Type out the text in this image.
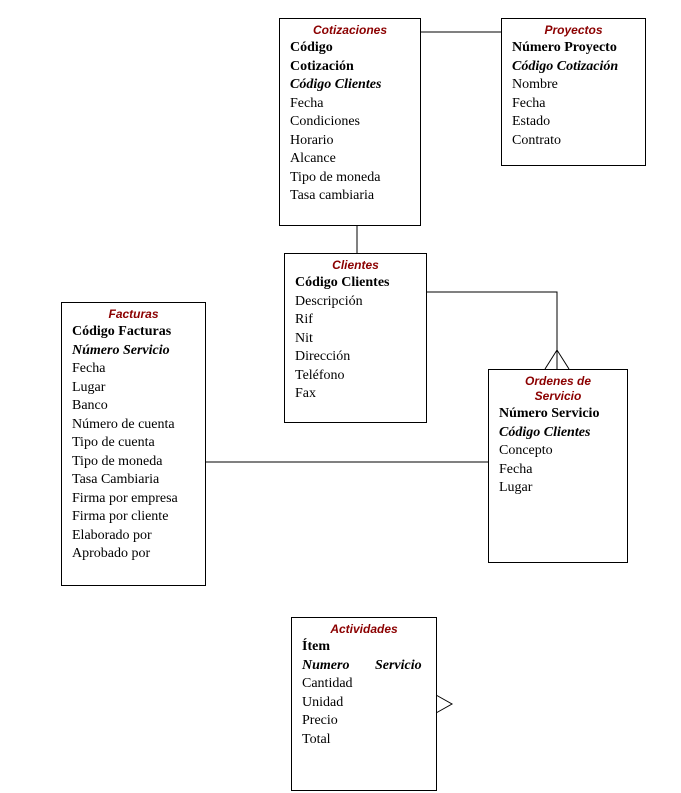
Cotizaciones
Código
Cotización
Código Clientes
Fecha
Condiciones
Horario
Alcance
Tipo de moneda
Tasa cambiaria
Proyectos
Número Proyecto
Código Cotización
Nombre
Fecha
Estado
Contrato
Clientes
Código Clientes
Descripción
Rif
Nit
Dirección
Teléfono
Fax
Facturas
Código Facturas
Número Servicio
Fecha
Lugar
Banco
Número de cuenta
Tipo de cuenta
Tipo de moneda
Tasa Cambiaria
Firma por empresa
Firma por cliente
Elaborado por
Aprobado por
Ordenes de Servicio
Número Servicio
Código Clientes
Concepto
Fecha
Lugar
Actividades
Ítem
Numero Servicio
Cantidad
Unidad
Precio
Total
